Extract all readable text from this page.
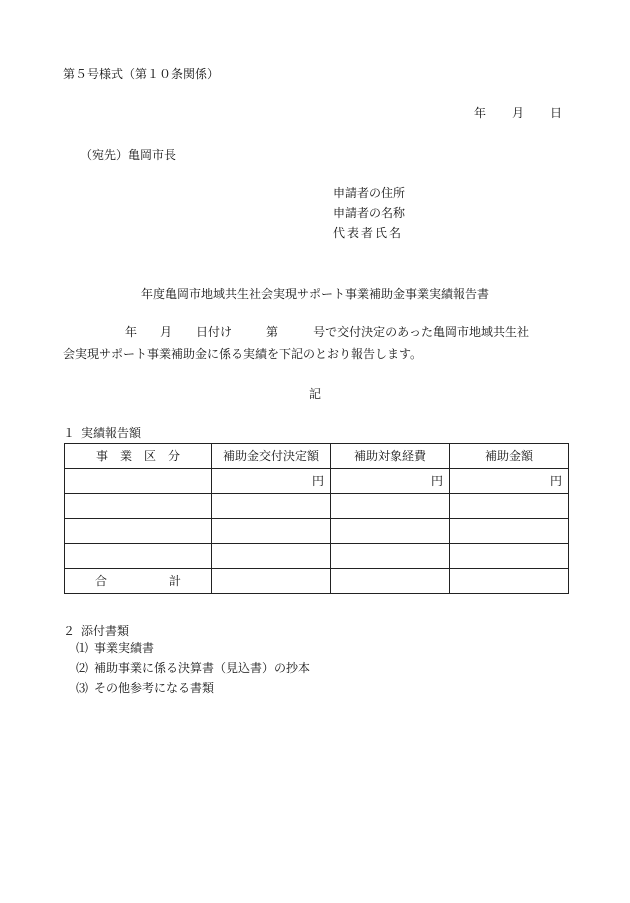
第５号様式（第１０条関係）
年 月 日
（宛先）亀岡市長
申請者の住所
申請者の名称
代表者氏名
年度亀岡市地域共生社会実現サポート事業補助金事業実績報告書
年 月 日付け	第	号で交付決定のあった亀岡市地域共生社
会実現サポート事業補助金に係る実績を下記のとおり報告します。
記
１ 実績報告額
事　業　区　分	補助金交付決定額	補助対象経費	補助金額
	円	円	円

合 計			
２ 添付書類
⑴ 事業実績書
⑵ 補助事業に係る決算書（見込書）の抄本
⑶ その他参考になる書類
